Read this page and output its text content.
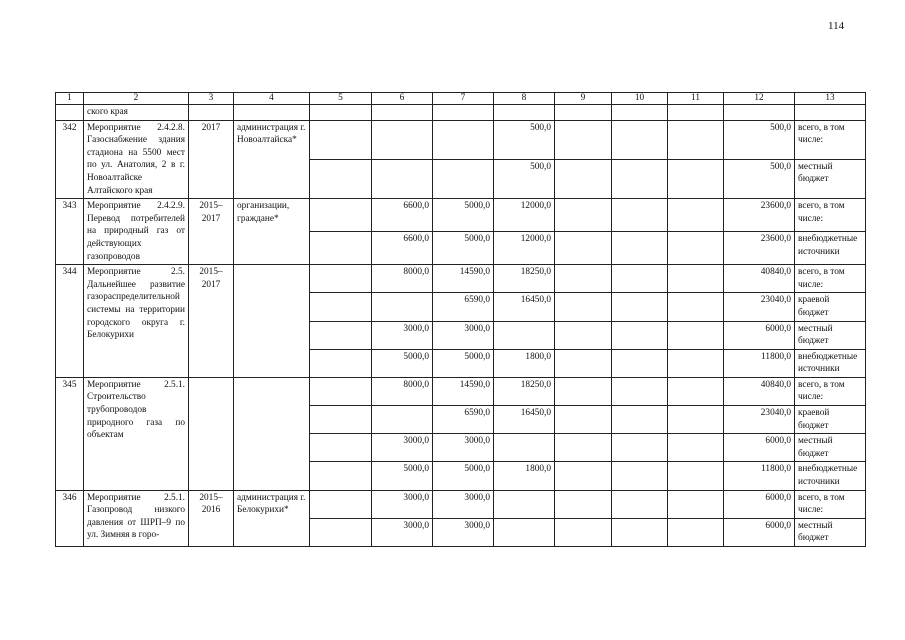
114
1	2	3	4	5	6	7	8	9	10	11	12	13
	ского края											
342	Мероприятие 2.4.2.8. Газоснабжение здания стадиона на 5500 мест по ул. Анатолия, 2 в г. Новоалтайске Алтайского края	2017	администрация г. Новоалтайска*				500,0				500,0	всего, в том числе:
							500,0				500,0	местный бюджет
343	Мероприятие 2.4.2.9. Перевод потребителей на природный газ от действующих газопроводов	2015–2017	организации, граждане*		6600,0	5000,0	12000,0				23600,0	всего, в том числе:
					6600,0	5000,0	12000,0				23600,0	внебюджетные источники
344	Мероприятие 2.5. Дальнейшее развитие газораспределительной системы на территории городского округа г. Белокурихи	2015–2017			8000,0	14590,0	18250,0				40840,0	всего, в том числе:
						6590,0	16450,0				23040,0	краевой бюджет
					3000,0	3000,0					6000,0	местный бюджет
					5000,0	5000,0	1800,0				11800,0	внебюджетные источники
345	Мероприятие 2.5.1. Строительство трубопроводов природного газа по объектам				8000,0	14590,0	18250,0				40840,0	всего, в том числе:
						6590,0	16450,0				23040,0	краевой бюджет
					3000,0	3000,0					6000,0	местный бюджет
					5000,0	5000,0	1800,0				11800,0	внебюджетные источники
346	Мероприятие 2.5.1. Газопровод низкого давления от ШРП–9 по ул. Зимняя в горо-	2015–2016	администрация г. Белокурихи*		3000,0	3000,0					6000,0	всего, в том числе:
					3000,0	3000,0					6000,0	местный бюджет
